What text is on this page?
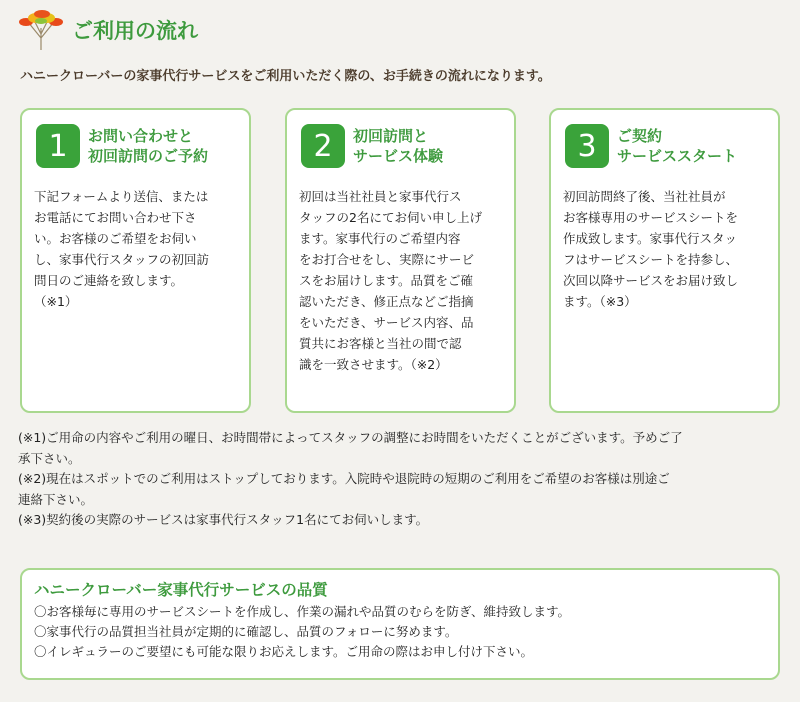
ご利用の流れ
ハニークローバーの家事代行サービスをご利用いただく際の、お手続きの流れになります。
1	お問い合わせと
初回訪問のご予約
下記フォームより送信、または
お電話にてお問い合わせ下さ
い。お客様のご希望をお伺い
し、家事代行スタッフの初回訪
問日のご連絡を致します。
（※1）
2	初回訪問と
サービス体験
初回は当社社員と家事代行ス
タッフの2名にてお伺い申し上げ
ます。家事代行のご希望内容
をお打合せをし、実際にサービ
スをお届けします。品質をご確
認いただき、修正点などご指摘
をいただき、サービス内容、品
質共にお客様と当社の間で認
識を一致させます。（※2）
3	ご契約
サービススタート
初回訪問終了後、当社社員が
お客様専用のサービスシートを
作成致します。家事代行スタッ
フはサービスシートを持参し、
次回以降サービスをお届け致し
ます。（※3）
(※1)ご用命の内容やご利用の曜日、お時間帯によってスタッフの調整にお時間をいただくことがございます。予めご了
承下さい。
(※2)現在はスポットでのご利用はストップしております。入院時や退院時の短期のご利用をご希望のお客様は別途ご
連絡下さい。
(※3)契約後の実際のサービスは家事代行スタッフ1名にてお伺いします。
ハニークローバー家事代行サービスの品質
〇お客様毎に専用のサービスシートを作成し、作業の漏れや品質のむらを防ぎ、維持致します。
〇家事代行の品質担当社員が定期的に確認し、品質のフォローに努めます。
〇イレギュラーのご要望にも可能な限りお応えします。ご用命の際はお申し付け下さい。
